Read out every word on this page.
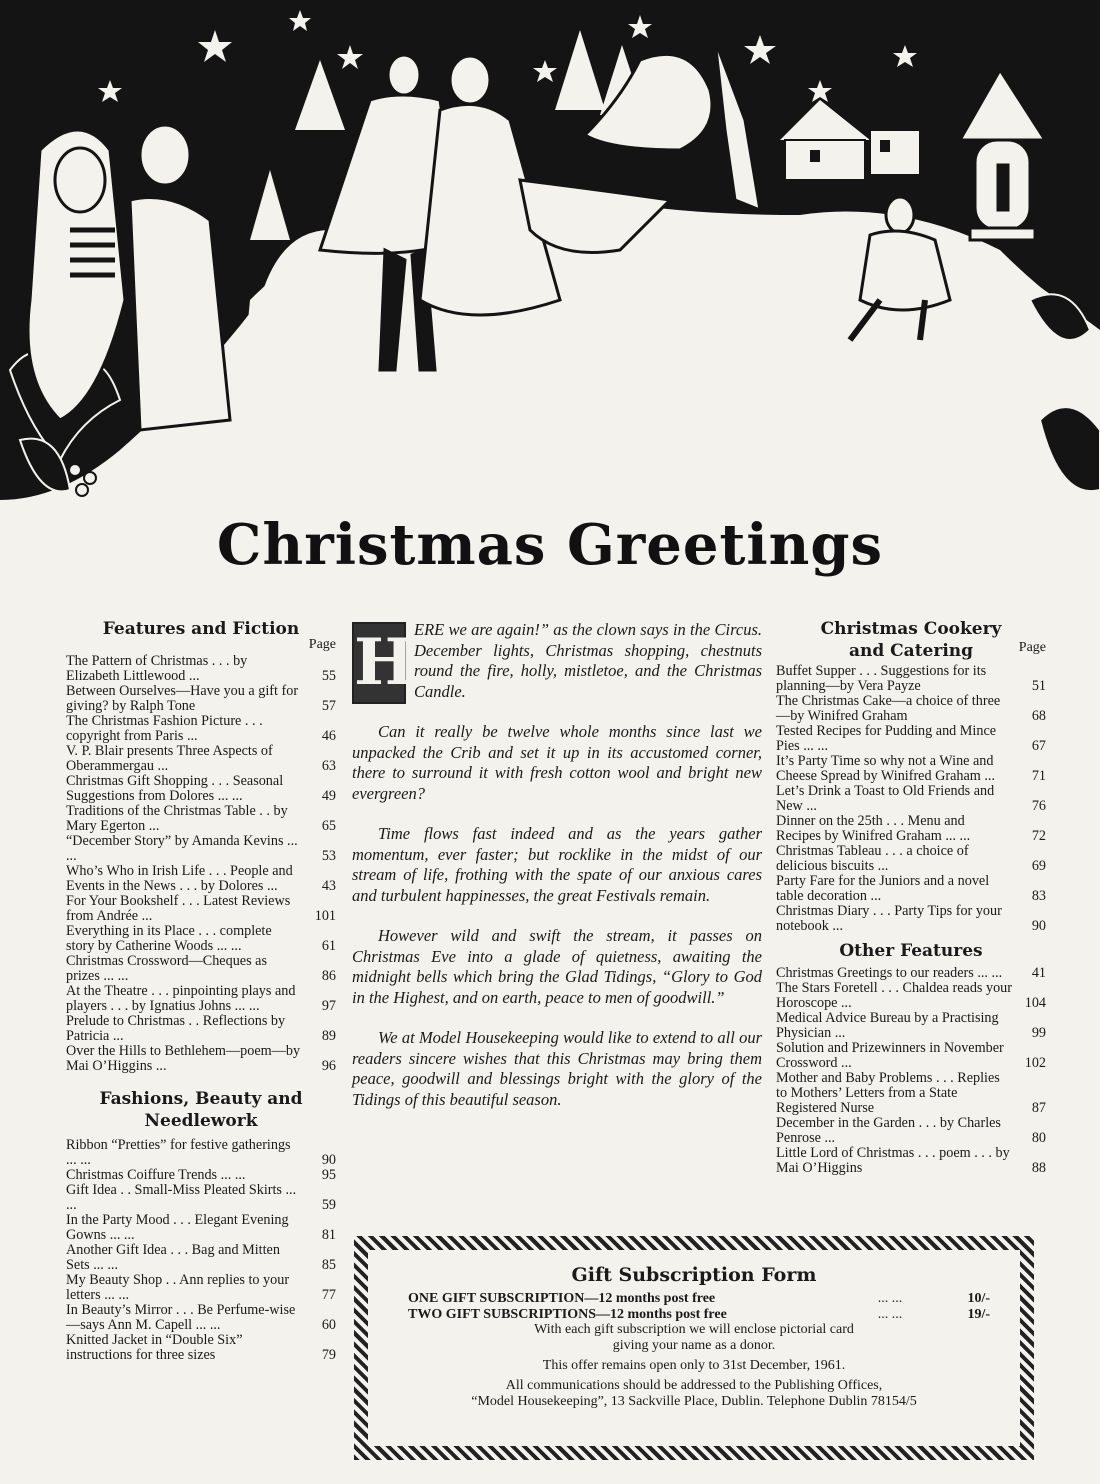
Christmas Greetings
Features and Fiction
Page
The Pattern of Christmas . . . by Elizabeth Littlewood ...	55
Between Ourselves—Have you a gift for giving? by Ralph Tone	57
The Christmas Fashion Picture . . . copyright from Paris ...	46
V. P. Blair presents Three Aspects of Oberammergau ...	63
Christmas Gift Shopping . . . Seasonal Suggestions from Dolores ... ...	49
Traditions of the Christmas Table . . by Mary Egerton ...	65
“December Story” by Amanda Kevins ... ...	53
Who’s Who in Irish Life . . . People and Events in the News . . . by Dolores ...	43
For Your Bookshelf . . . Latest Reviews from Andrée ...	101
Everything in its Place . . . complete story by Catherine Woods ... ...	61
Christmas Crossword—Cheques as prizes ... ...	86
At the Theatre . . . pinpointing plays and players . . . by Ignatius Johns ... ...	97
Prelude to Christmas . . Reflections by Patricia ...	89
Over the Hills to Bethlehem—poem—by Mai O’Higgins ...	96
Fashions, Beauty and
Needlework
Ribbon “Pretties” for festive gatherings ... ...	90
Christmas Coiffure Trends ... ...	95
Gift Idea . . Small-Miss Pleated Skirts ... ...	59
In the Party Mood . . . Elegant Evening Gowns ... ...	81
Another Gift Idea . . . Bag and Mitten Sets ... ...	85
My Beauty Shop . . Ann replies to your letters ... ...	77
In Beauty’s Mirror . . . Be Perfume-wise—says Ann M. Capell ... ...	60
Knitted Jacket in “Double Six” instructions for three sizes	79

H ERE we are again!” as the clown says in the Circus. December lights, Christmas shopping, chestnuts round the fire, holly, mistletoe, and the Christmas Candle.

Can it really be twelve whole months since last we unpacked the Crib and set it up in its accustomed corner, there to surround it with fresh cotton wool and bright new evergreen?

Time flows fast indeed and as the years gather momentum, ever faster; but rocklike in the midst of our stream of life, frothing with the spate of our anxious cares and turbulent happinesses, the great Festivals remain.

However wild and swift the stream, it passes on Christmas Eve into a glade of quietness, awaiting the midnight bells which bring the Glad Tidings, “Glory to God in the Highest, and on earth, peace to men of goodwill.”

We at Model Housekeeping would like to extend to all our readers sincere wishes that this Christmas may bring them peace, goodwill and blessings bright with the glory of the Tidings of this beautiful season.

Christmas Cookery
and Catering	Page
Buffet Supper . . . Suggestions for its planning—by Vera Payze	51
The Christmas Cake—a choice of three—by Winifred Graham	68
Tested Recipes for Pudding and Mince Pies ... ...	67
It’s Party Time so why not a Wine and Cheese Spread by Winifred Graham ...	71
Let’s Drink a Toast to Old Friends and New ...	76
Dinner on the 25th . . . Menu and Recipes by Winifred Graham ... ...	72
Christmas Tableau . . . a choice of delicious biscuits ...	69
Party Fare for the Juniors and a novel table decoration ...	83
Christmas Diary . . . Party Tips for your notebook ...	90
Other Features
Christmas Greetings to our readers ... ...	41
The Stars Foretell . . . Chaldea reads your Horoscope ...	104
Medical Advice Bureau by a Practising Physician ...	99
Solution and Prizewinners in November Crossword ...	102
Mother and Baby Problems . . . Replies to Mothers’ Letters from a State Registered Nurse	87
December in the Garden . . . by Charles Penrose ...	80
Little Lord of Christmas . . . poem . . . by Mai O’Higgins	88
Gift Subscription Form
ONE GIFT SUBSCRIPTION—12 months post free	... ...	10/-
TWO GIFT SUBSCRIPTIONS—12 months post free	... ...	19/-

With each gift subscription we will enclose pictorial card

giving your name as a donor.

This offer remains open only to 31st December, 1961.

All communications should be addressed to the Publishing Offices,

“Model Housekeeping”, 13 Sackville Place, Dublin. Telephone Dublin 78154/5
